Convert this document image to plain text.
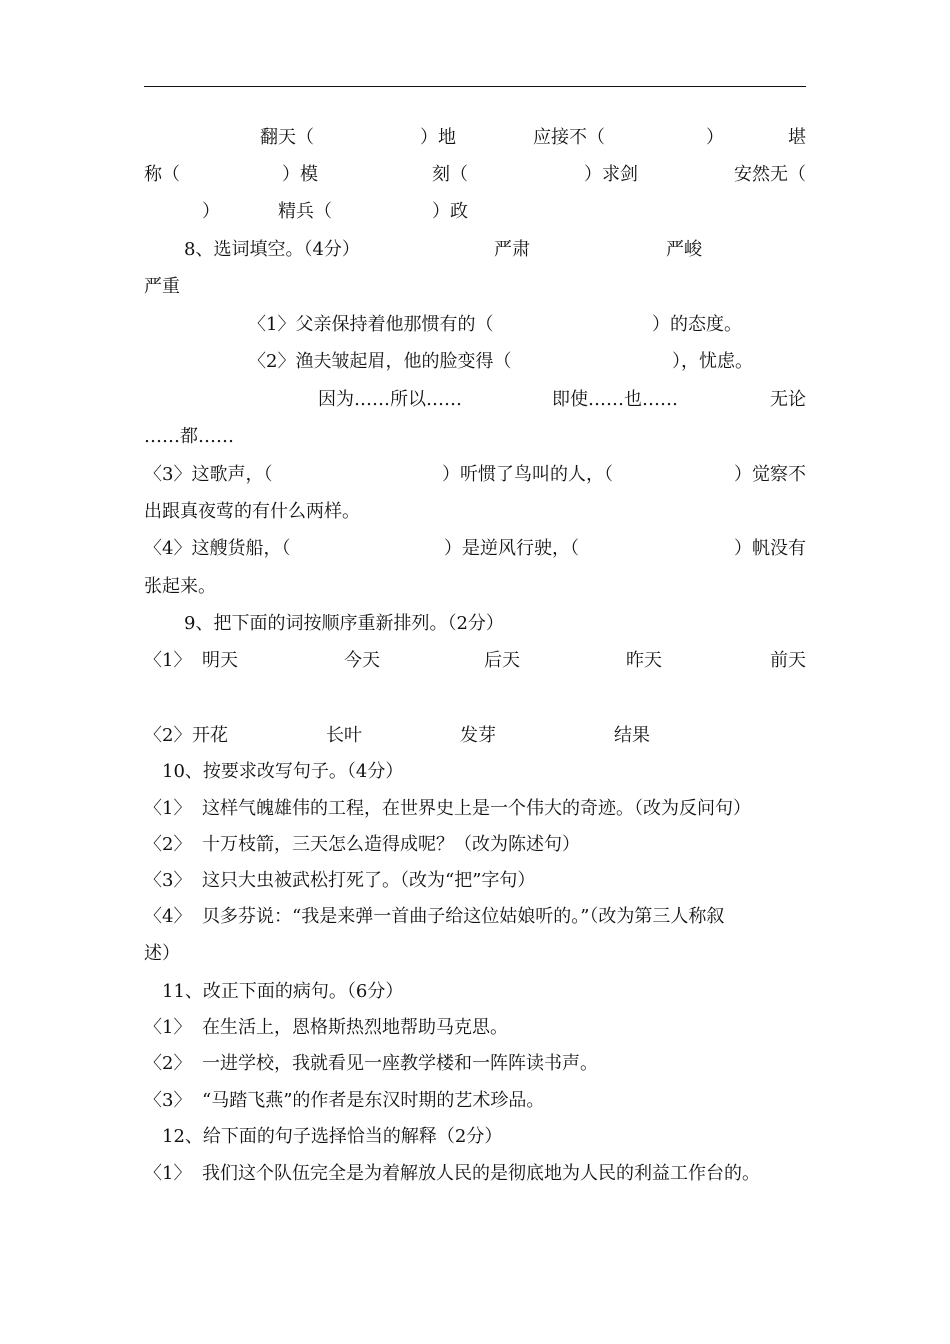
翻天（	）地	应接不（	）	堪
称（	）模	刻（	）求剑	安然无（
）	精兵（	）政
8、选词填空。（4分）	严肃	严峻
严重
〈1〉父亲保持着他那惯有的（	）的态度。
〈2〉渔夫皱起眉，他的脸变得（	），忧虑。
因为……所以……	即使……也……	无论
……都……
〈3〉这歌声，（	）听惯了鸟叫的人，（	）觉察不
出跟真夜莺的有什么两样。
〈4〉这艘货船，（	）是逆风行驶，（	）帆没有
张起来。
9、把下面的词按顺序重新排列。（2分）
〈1〉 明天	今天	后天	昨天	前天
〈2〉 开花	长叶	发芽	结果
10、按要求改写句子。（4分）
〈1〉 这样气魄雄伟的工程，在世界史上是一个伟大的奇迹。（改为反问句）
〈2〉 十万枝箭，三天怎么造得成呢？（改为陈述句）
〈3〉 这只大虫被武松打死了。（改为“把”字句）
〈4〉 贝多芬说：“我是来弹一首曲子给这位姑娘听的。”（改为第三人称叙
述）
11、改正下面的病句。（6分）
〈1〉 在生活上，恩格斯热烈地帮助马克思。
〈2〉 一进学校，我就看见一座教学楼和一阵阵读书声。
〈3〉 “马踏飞燕”的作者是东汉时期的艺术珍品。
12、给下面的句子选择恰当的解释（2分）
〈1〉 我们这个队伍完全是为着解放人民的是彻底地为人民的利益工作台的。
